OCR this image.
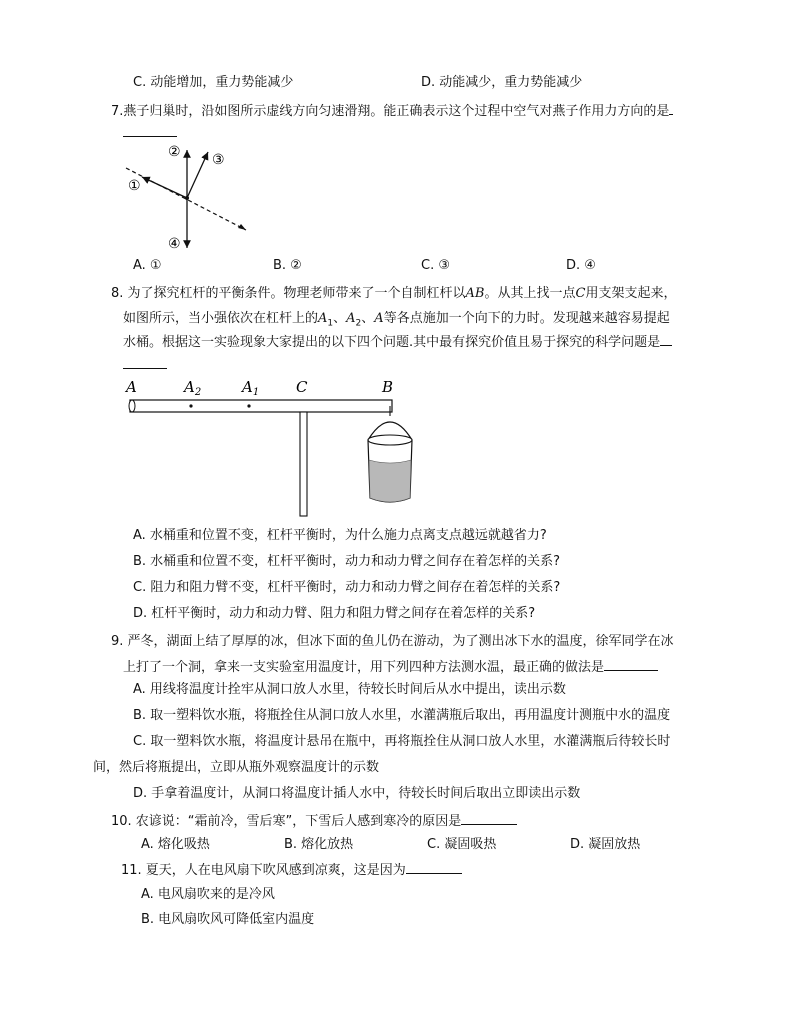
C. 动能增加，重力势能减少	D. 动能减少，重力势能减少
7.燕子归巢时，沿如图所示虚线方向匀速滑翔。能正确表示这个过程中空气对燕子作用力方向的是
①
② ③
④
A. ①	B. ②	C. ③	D. ④
8. 为了探究杠杆的平衡条件。物理老师带来了一个自制杠杆以AB。从其上找一点C用支架支起来，
如图所示，当小强依次在杠杆上的$A_1$、$A_2$、A等各点施加一个向下的力时。发现越来越容易提起
水桶。根据这一实验现象大家提出的以下四个问题.其中最有探究价值且易于探究的科学问题是
A	$A_2$	$A_1$ C	B
A. 水桶重和位置不变，杠杆平衡时，为什么施力点离支点越远就越省力?
B. 水桶重和位置不变，杠杆平衡时，动力和动力臂之间存在着怎样的关系?
C. 阻力和阻力臂不变，杠杆平衡时，动力和动力臂之间存在着怎样的关系?
D. 杠杆平衡时，动力和动力臂、阻力和阻力臂之间存在着怎样的关系?
9. 严冬，湖面上结了厚厚的冰，但冰下面的鱼儿仍在游动，为了测出冰下水的温度，徐军同学在冰
上打了一个洞，拿来一支实验室用温度计，用下列四种方法测水温，最正确的做法是
A. 用线将温度计拴牢从洞口放人水里，待较长时间后从水中提出，读出示数
B. 取一塑料饮水瓶，将瓶拴住从洞口放人水里，水灌满瓶后取出，再用温度计测瓶中水的温度
C. 取一塑料饮水瓶，将温度计悬吊在瓶中，再将瓶拴住从洞口放人水里，水灌满瓶后待较长时
间，然后将瓶提出，立即从瓶外观察温度计的示数
D. 手拿着温度计，从洞口将温度计插人水中，待较长时间后取出立即读出示数
10. 农谚说：“霜前冷，雪后寒”，下雪后人感到寒冷的原因是
A. 熔化吸热	B. 熔化放热	C. 凝固吸热	D. 凝固放热
11. 夏天，人在电风扇下吹风感到凉爽，这是因为
A. 电风扇吹来的是冷风
B. 电风扇吹风可降低室内温度
